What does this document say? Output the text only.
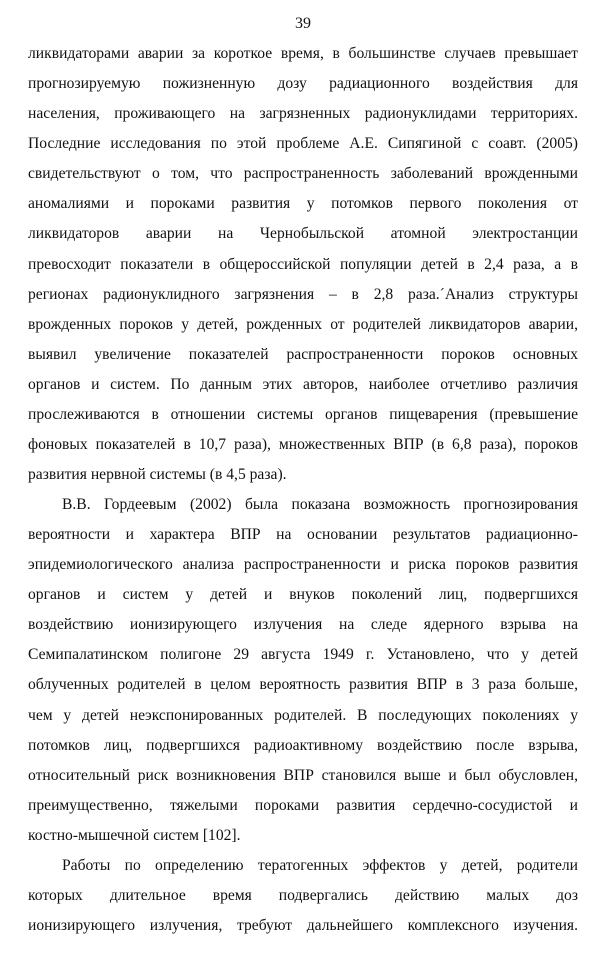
39
ликвидаторами аварии за короткое время, в большинстве случаев превышает
прогнозируемую пожизненную дозу радиационного воздействия для
населения, проживающего на загрязненных радионуклидами территориях.
Последние исследования по этой проблеме А.Е. Сипягиной с соавт. (2005)
свидетельствуют о том, что распространенность заболеваний врожденными
аномалиями и пороками развития у потомков первого поколения от
ликвидаторов аварии на Чернобыльской атомной электростанции
превосходит показатели в общероссийской популяции детей в 2,4 раза, а в
регионах радионуклидного загрязнения – в 2,8 раза.´Анализ структуры
врожденных пороков у детей, рожденных от родителей ликвидаторов аварии,
выявил увеличение показателей распространенности пороков основных
органов и систем. По данным этих авторов, наиболее отчетливо различия
прослеживаются в отношении системы органов пищеварения (превышение
фоновых показателей в 10,7 раза), множественных ВПР (в 6,8 раза), пороков
развития нервной системы (в 4,5 раза).
В.В. Гордеевым (2002) была показана возможность прогнозирования
вероятности и характера ВПР на основании результатов радиационно-
эпидемиологического анализа распространенности и риска пороков развития
органов и систем у детей и внуков поколений лиц, подвергшихся
воздействию ионизирующего излучения на следе ядерного взрыва на
Семипалатинском полигоне 29 августа 1949 г. Установлено, что у детей
облученных родителей в целом вероятность развития ВПР в 3 раза больше,
чем у детей неэкспонированных родителей. В последующих поколениях у
потомков лиц, подвергшихся радиоактивному воздействию после взрыва,
относительный риск возникновения ВПР становился выше и был обусловлен,
преимущественно, тяжелыми пороками развития сердечно-сосудистой и
костно-мышечной систем [102].
Работы по определению тератогенных эффектов у детей, родители
которых длительное время подвергались действию малых доз
ионизирующего излучения, требуют дальнейшего комплексного изучения.
